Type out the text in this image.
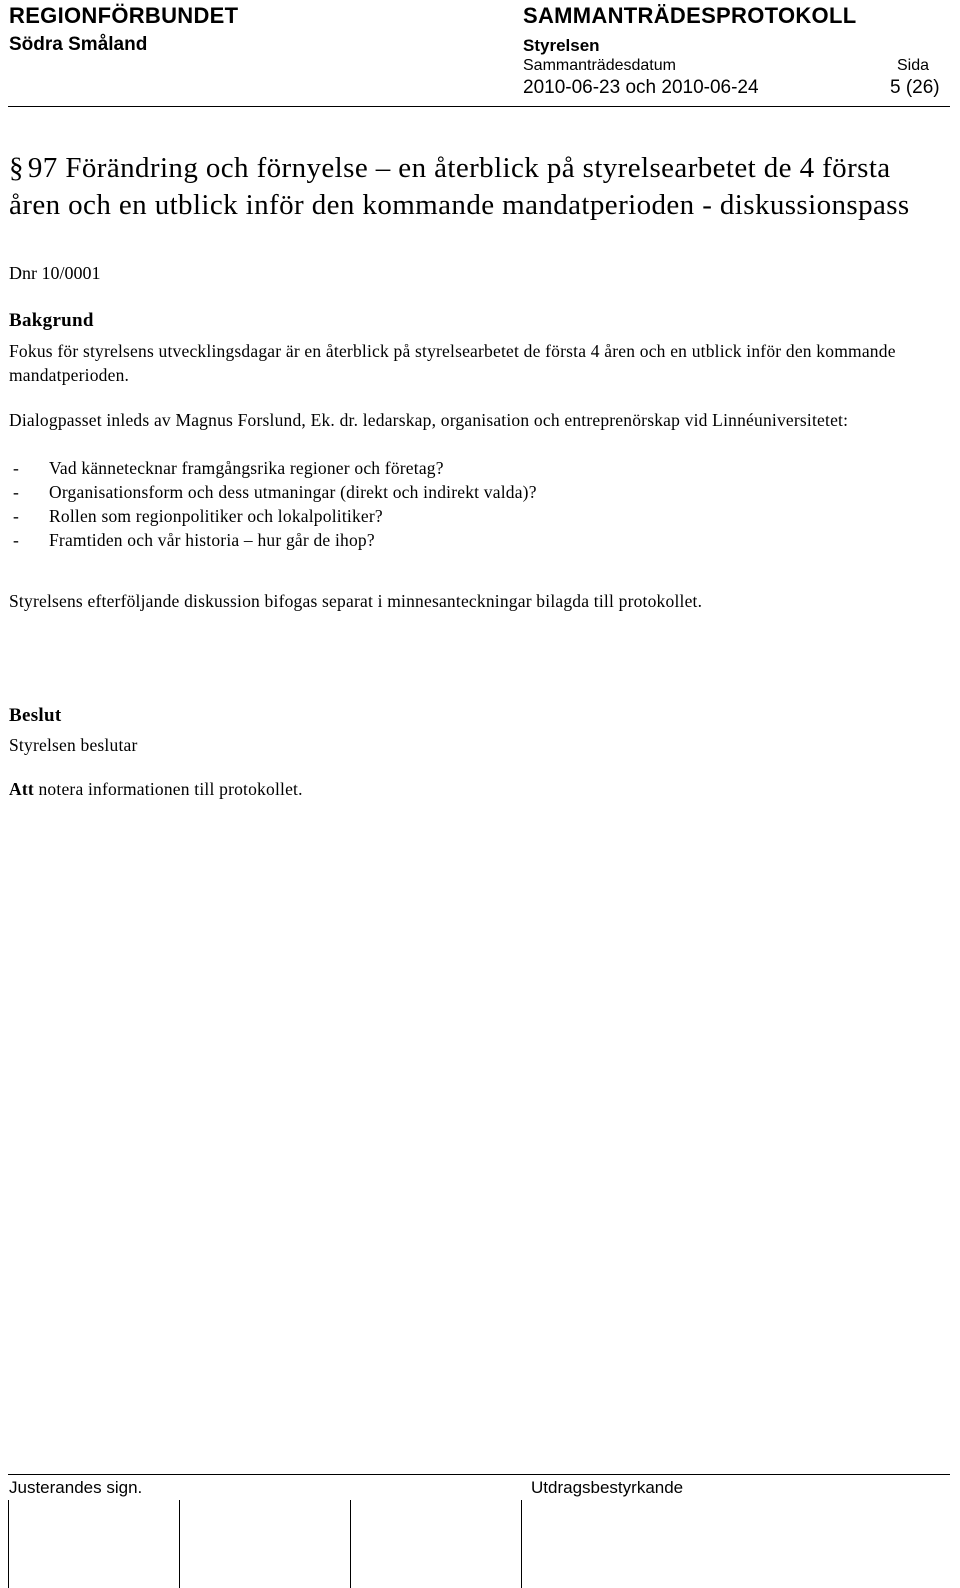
REGIONFÖRBUNDET
Södra Småland
SAMMANTRÄDESPROTOKOLL
Styrelsen
Sammanträdesdatum	Sida
2010-06-23 och 2010-06-24	5 (26)
§ 97 Förändring och förnyelse – en återblick på styrelsearbetet de 4 första åren och en utblick inför den kommande mandatperioden - diskussionspass
Dnr 10/0001
Bakgrund
Fokus för styrelsens utvecklingsdagar är en återblick på styrelsearbetet de första 4 åren och en utblick inför den kommande mandatperioden.
Dialogpasset inleds av Magnus Forslund, Ek. dr. ledarskap, organisation och entreprenörskap vid Linnéuniversitetet:
- Vad kännetecknar framgångsrika regioner och företag?
- Organisationsform och dess utmaningar (direkt och indirekt valda)?
- Rollen som regionpolitiker och lokalpolitiker?
- Framtiden och vår historia – hur går de ihop?
Styrelsens efterföljande diskussion bifogas separat i minnesanteckningar bilagda till protokollet.
Beslut
Styrelsen beslutar
Att notera informationen till protokollet.
Justerandes sign.	Utdragsbestyrkande
